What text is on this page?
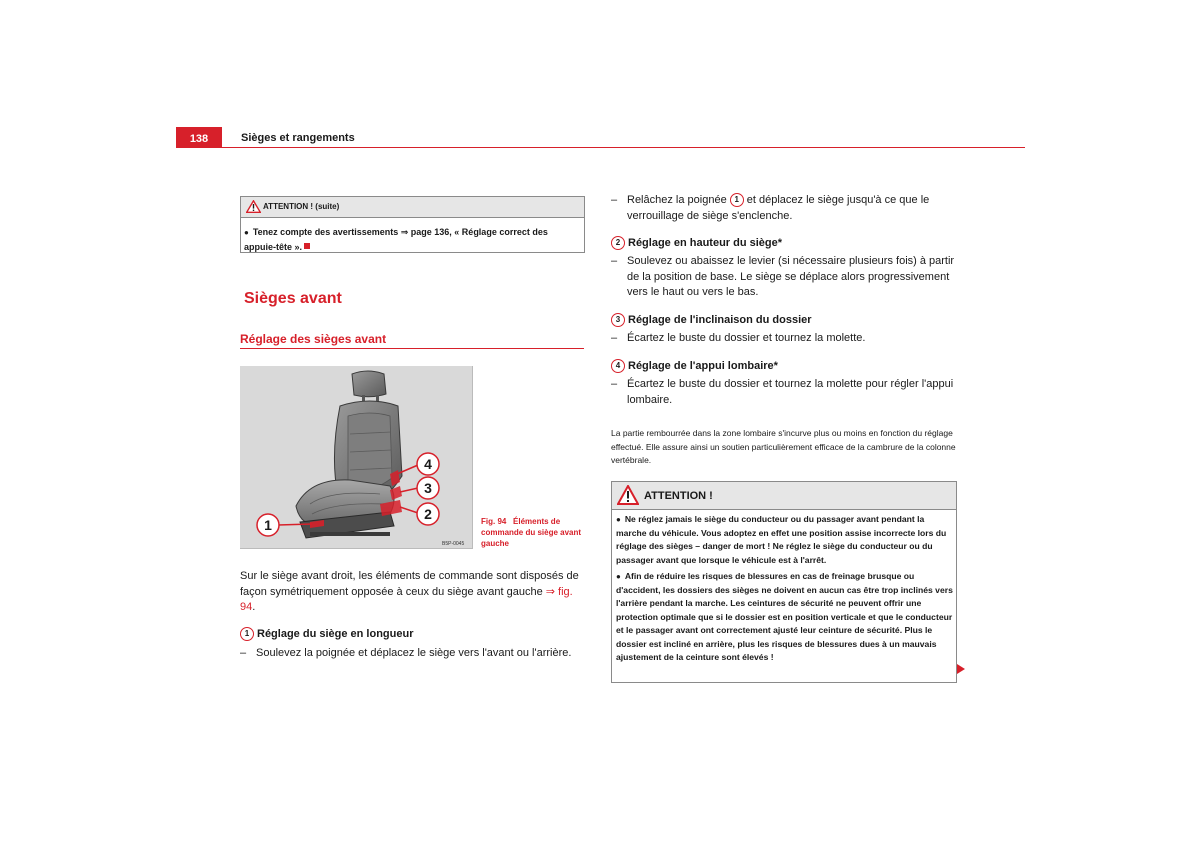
138	Sièges et rangements
ATTENTION ! (suite)
● Tenez compte des avertissements ⇒ page 136, « Réglage correct des appuie-tête ».
Sièges avant
Réglage des sièges avant
1
2
3
4
B5P-0045
Fig. 94 Éléments de commande du siège avant gauche
Sur le siège avant droit, les éléments de commande sont disposés de façon symétriquement opposée à ceux du siège avant gauche ⇒ fig. 94.
1 Réglage du siège en longueur
– Soulevez la poignée et déplacez le siège vers l'avant ou l'arrière.
– Relâchez la poignée 1 et déplacez le siège jusqu'à ce que le verrouillage de siège s'enclenche.
2 Réglage en hauteur du siège*
– Soulevez ou abaissez le levier (si nécessaire plusieurs fois) à partir de la position de base. Le siège se déplace alors progressivement vers le haut ou vers le bas.
3 Réglage de l'inclinaison du dossier
– Écartez le buste du dossier et tournez la molette.
4 Réglage de l'appui lombaire*
– Écartez le buste du dossier et tournez la molette pour régler l'appui lombaire.
La partie rembourrée dans la zone lombaire s'incurve plus ou moins en fonction du réglage effectué. Elle assure ainsi un soutien particulièrement efficace de la cambrure de la colonne vertébrale.
ATTENTION !
● Ne réglez jamais le siège du conducteur ou du passager avant pendant la marche du véhicule. Vous adoptez en effet une position assise incorrecte lors du réglage des sièges – danger de mort ! Ne réglez le siège du conducteur ou du passager avant que lorsque le véhicule est à l'arrêt.
● Afin de réduire les risques de blessures en cas de freinage brusque ou d'accident, les dossiers des sièges ne doivent en aucun cas être trop inclinés vers l'arrière pendant la marche. Les ceintures de sécurité ne peuvent offrir une protection optimale que si le dossier est en position verticale et que le conducteur et le passager avant ont correctement ajusté leur ceinture de sécurité. Plus le dossier est incliné en arrière, plus les risques de blessures dues à un mauvais ajustement de la ceinture sont élevés !
